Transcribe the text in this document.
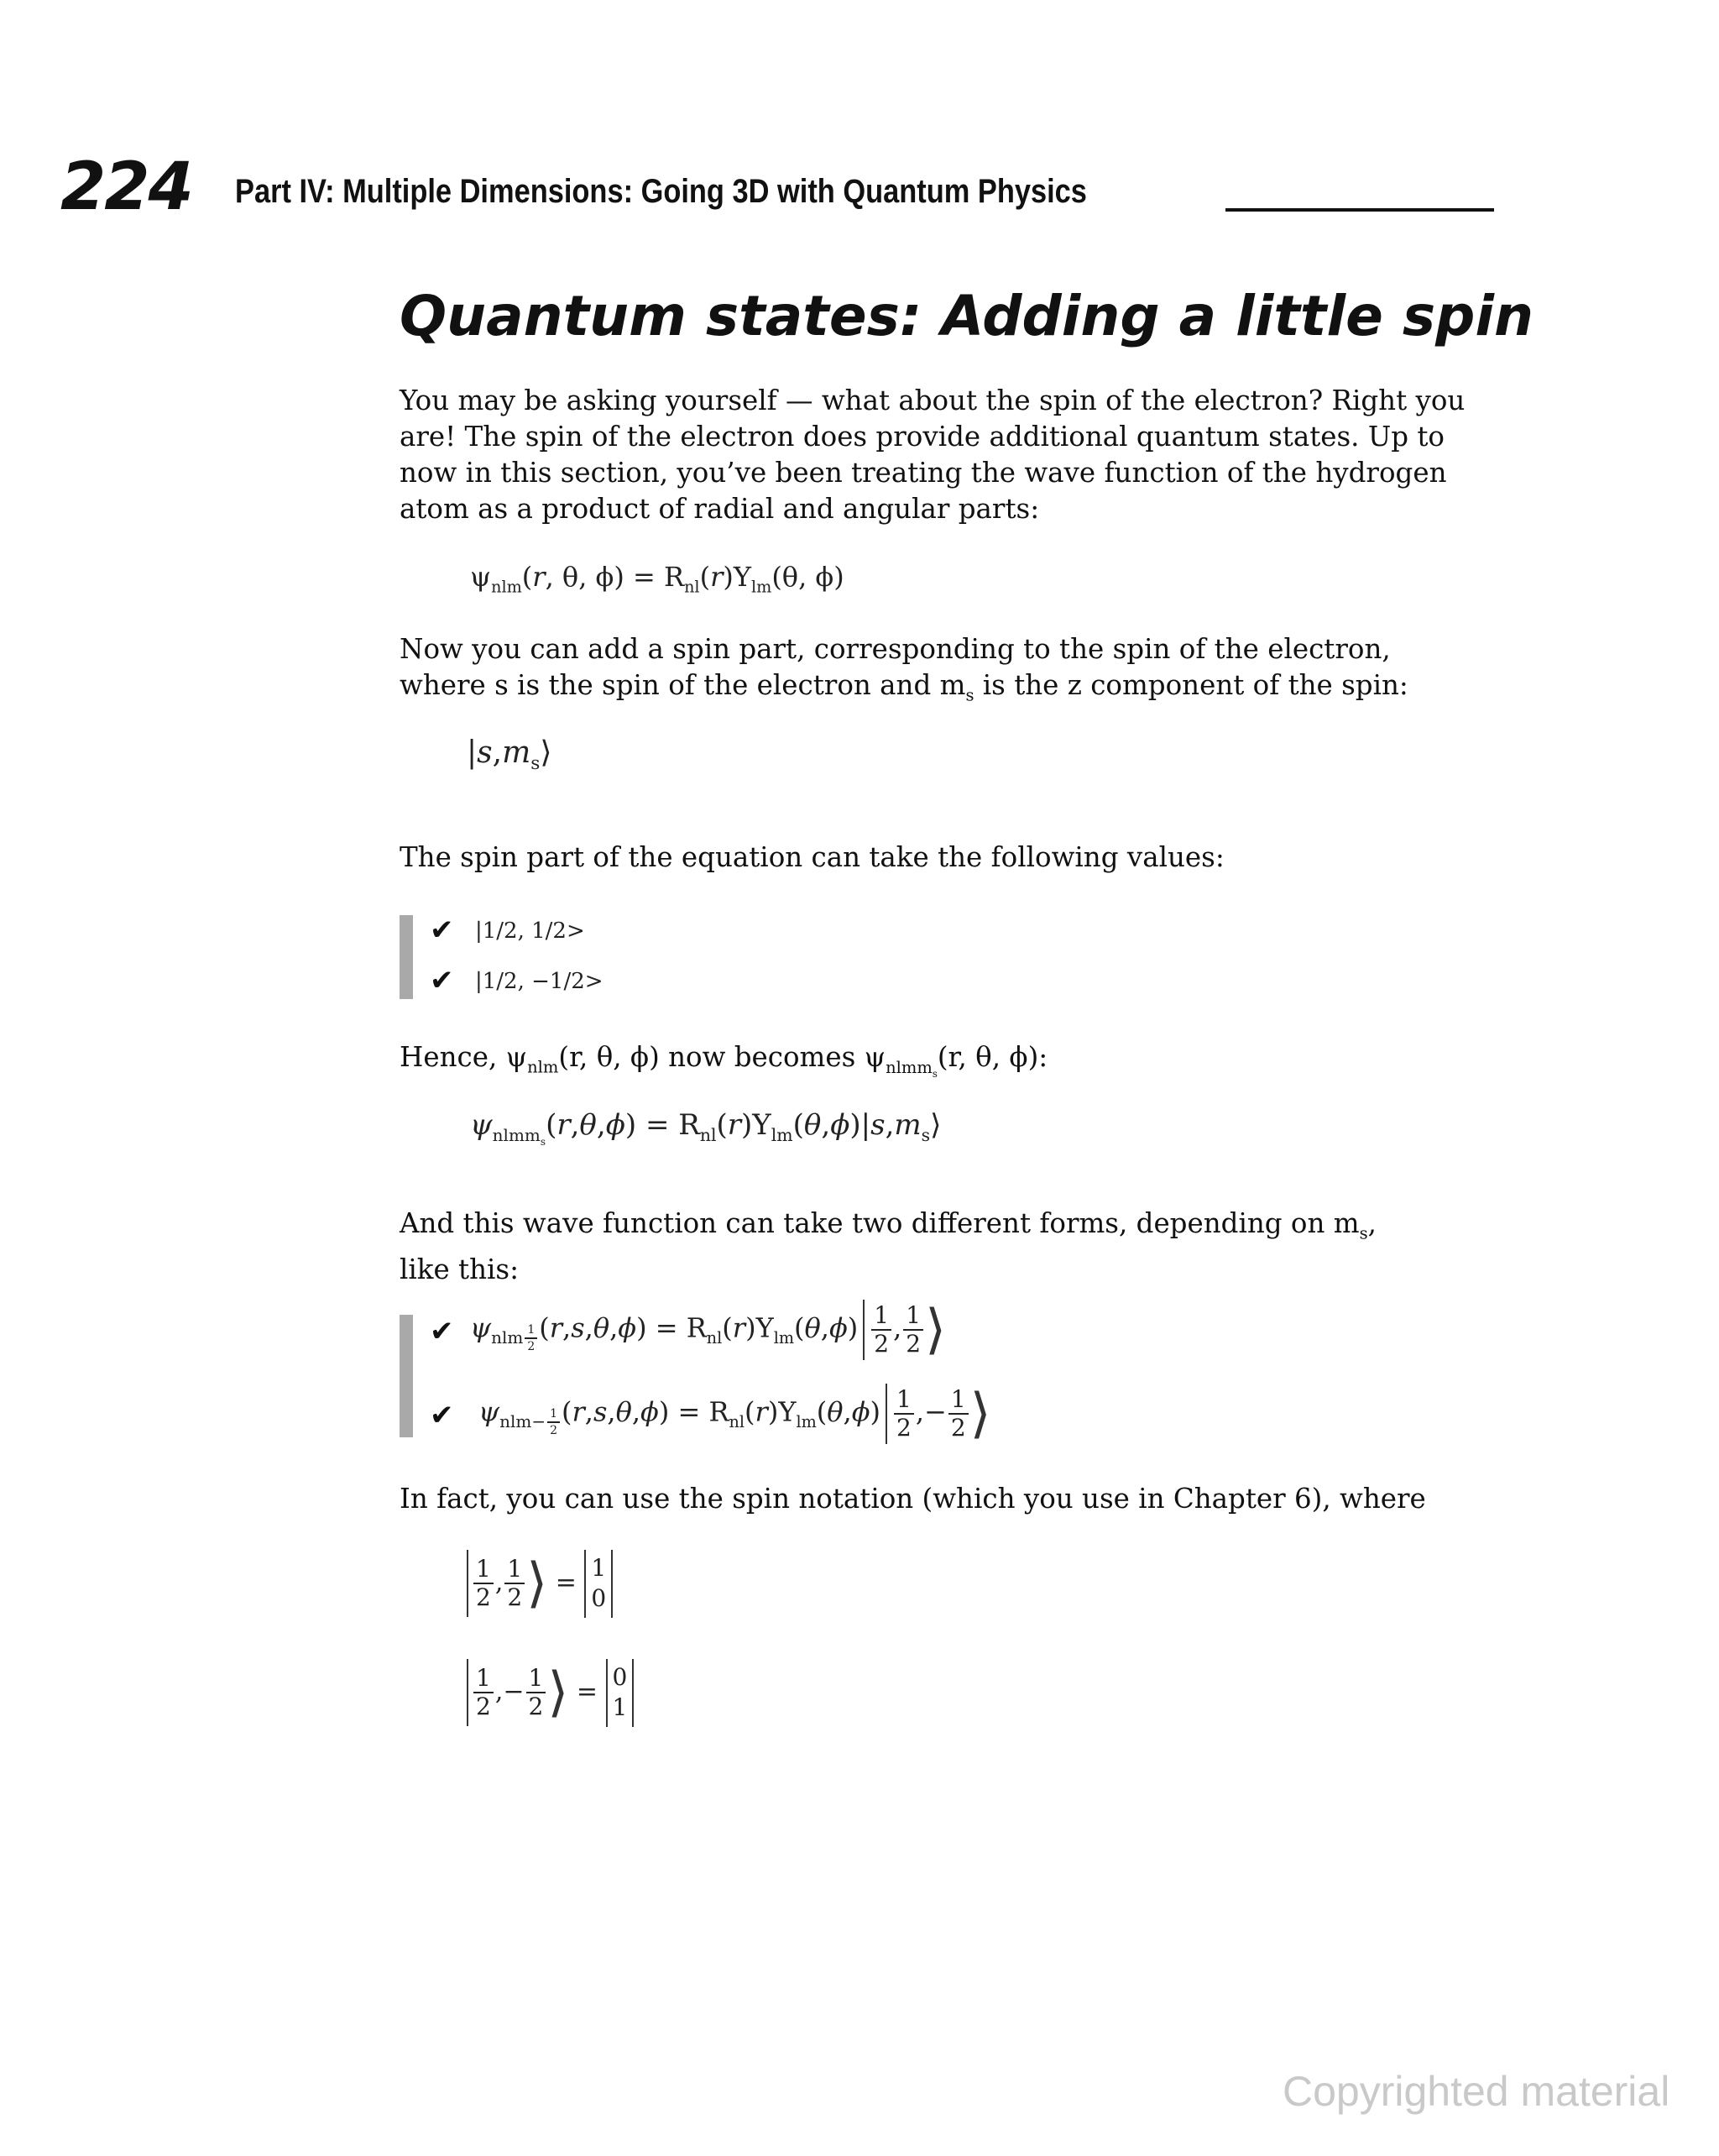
224 Part IV: Multiple Dimensions: Going 3D with Quantum Physics
Quantum states: Adding a little spin
You may be asking yourself — what about the spin of the electron? Right you
are! The spin of the electron does provide additional quantum states. Up to
now in this section, you’ve been treating the wave function of the hydrogen
atom as a product of radial and angular parts:
$\psi_{nlm}(r$, θ, $\phi) = R_{nl}(r)Y_{lm}(\theta$, ϕ)
Now you can add a spin part, corresponding to the spin of the electron,
where s is the spin of the electron and $m_s$ is the z component of the spin:
$|s,m_s⟩$
The spin part of the equation can take the following values:
✔ |1/2, 1/2>
✔ |1/2, −1/2>
Hence, $\psi_{nlm}(r$, θ, ϕ) now becomes $\psi_{nlmm_s}(r$, θ, ϕ):
$\psi_{nlmm_s}(r,\theta,\phi)$ = $R_{nl}(r)Y_{lm}(\theta,\phi)|s,m_s⟩$
And this wave function can take two different forms, depending on $m_s$,
like this:
✔ $\psi_{nlm \frac{1}{2}}$ $(r,s,\theta,\phi) = R_{nl}(r)Y_{lm}(\theta,\phi) \frac{1}{2}$ , $\frac{1}{2}$ ⟩
✔ $\psi_{nlm- \frac{1}{2}}$ $(r,s,\theta,\phi) = R_{nl}(r)Y_{lm}(\theta,\phi) \frac{1}{2}$ ,− $\frac{1}{2}$ ⟩
In fact, you can use the spin notation (which you use in Chapter 6), where
$\frac{1}{2}$ , $\frac{1}{2}$ ⟩ = 1
0
$\frac{1}{2}$ ,− $\frac{1}{2}$ ⟩ = 0
1
Copyrighted material
